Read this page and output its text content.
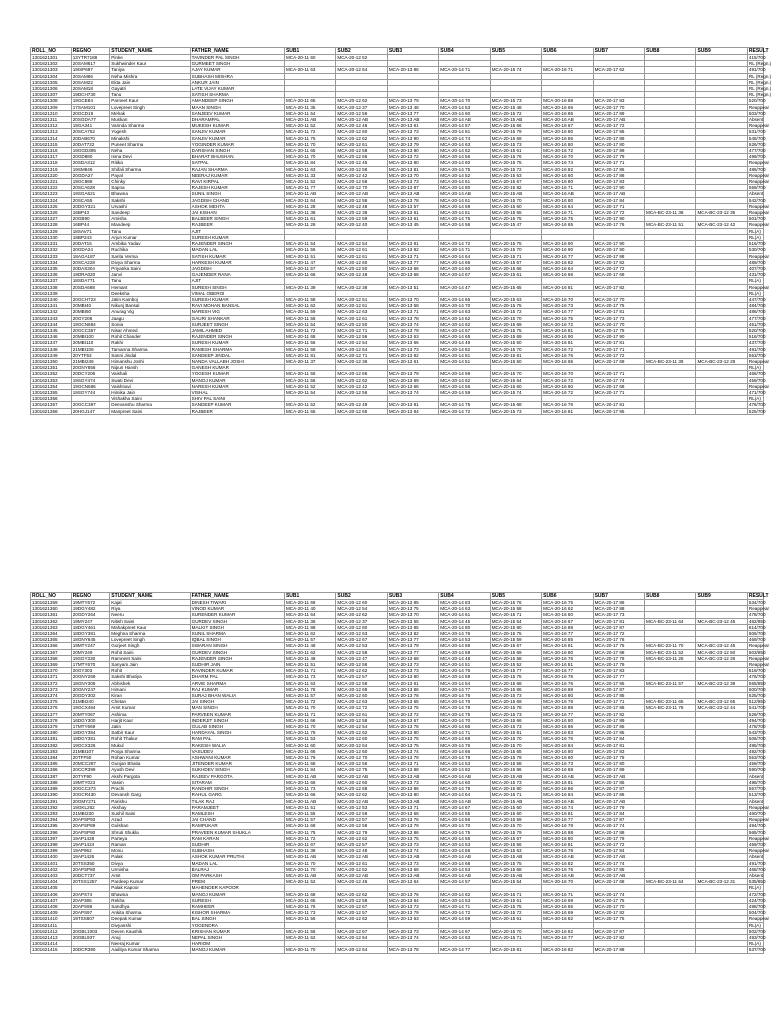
ROLL_NO	REGNO	STUDENT_NAME	FATHER_NAME	SUB1	SUB2	SUB3	SUB4	SUB5	SUB6	SUB7	SUB8	SUB9	RESULT
1301621301	13YTR7188	Pinke	TAVINDER PAL SINGH	MCA-20-11 60	MCA-20-12 52								415/700
1301621302	20SAM617	Sukhwinder Kaur	GURMEET SINGH										RL (Regn.)
1301621303	19ISP697	Taniya	AJAY KUMAR	MCA-20-11 63	MCA-20-12 64	MCA-20-13 86	MCA-20-14 71	MCA-20-15 74	MCA-20-16 71	MCA-20-17 62			491/700
1301621304	20SAM66	Neha Mishra	SUBHASH MISHRA										RL (Regn.)
1301621305	20SAM22	Ekta Jain	ANKUR JAIN										RL (Regn.)
1301621306	20SAM18	Gayatri	LATE VIJAY KUMAR										RL (Regn.)
1301621307	19DCH730	Tanu	SATISH SHARMA										RL (Regn.)
1301621308	19GCE84	Parneet Kaur	AMANDEEP SINGH	MCA-20-11 65	MCA-20-12 62	MCA-20-13 79	MCA-20-14 70	MCA-20-15 73	MCA-20-16 88	MCA-20-17 83			520/700
1301621309	17SAM101	Lovepreet Singh	MAAN SINGH	MCA-20-11 35	MCA-20-12 37	MCA-20-13 48	MCA-20-14 53	MCA-20-15 48	MCA-20-16 65	MCA-20-17 70			Reappear
1301621310	20GCD19	Mehak	SANJEEV KUMAR	MCA-20-11 54	MCA-20-12 56	MCA-20-13 77	MCA-20-14 60	MCA-20-15 72	MCA-20-16 86	MCA-20-17 89			503/700
1301621311	20SGDA77	Muskan	DHARAMPAL	MCA-20-11 AB	MCA-20-12 AB	MCA-20-13 AB	MCA-20-14 AB	MCA-20-15 AB	MCA-20-16 AB	MCA-20-17 AB			Absent
1301621312	19GA341	Varinda Sharma	MUKESH KUMAR	MCA-20-11 52	MCA-20-12 46	MCA-20-13 61	MCA-20-14 57	MCA-20-15 66	MCA-20-16 67	MCA-20-17 72			Reappear
1301621313	20SCA752	Yogesh	SANJIV KUMAR	MCA-20-11 72	MCA-20-12 60	MCA-20-13 73	MCA-20-14 81	MCA-20-15 79	MCA-20-16 80	MCA-20-17 86			531/700
1301621314	20DAB670	Minakshi	SANJIV KUMAR	MCA-20-11 75	MCA-20-12 62	MCA-20-13 90	MCA-20-14 74	MCA-20-15 69	MCA-20-16 86	MCA-20-17 89			545/700
1301621315	20DAT722	Puneet Sharma	YOGINDER KUMAR	MCA-20-11 70	MCA-20-12 61	MCA-20-13 79	MCA-20-14 63	MCA-20-15 73	MCA-20-16 80	MCA-20-17 80			526/700
1301621316	19GGD395	Neha	DARSHAN SINGH	MCA-20-11 65	MCA-20-12 58	MCA-20-13 80	MCA-20-14 62	MCA-20-15 61	MCA-20-16 72	MCA-20-17 89			477/700
1301621317	20GD880	Isma Devi	BHARAT BHUSHAN	MCA-20-11 70	MCA-20-12 66	MCA-20-13 72	MCA-20-14 56	MCA-20-15 76	MCA-20-16 70	MCA-20-17 79			499/700
1301621318	20SDA312	Ritika	SATPAL	MCA-20-11 84	MCA-20-12 45	MCA-20-13 80	MCA-20-14 60	MCA-20-15 75	MCA-20-16 74	MCA-20-17 71			Reappear
1301621319	19SM846	Shifali Sharma	RAJAN SHARMA	MCA-20-11 63	MCA-20-12 58	MCA-20-13 81	MCA-20-14 75	MCA-20-15 72	MCA-20-16 82	MCA-20-17 85			486/700
1301621320	20GDA27	Payal	NEERAJ KUMAR	MCA-20-11 33	MCA-20-12 42	MCA-20-13 70	MCA-20-14 52	MCA-20-15 63	MCA-20-16 60	MCA-20-17 86			Reappear
1301621321	19GC988	Chinky	RAVI KIRPAL	MCA-20-11 52	MCA-20-12 58	MCA-20-13 73	MCA-20-14 61	MCA-20-15 67	MCA-20-16 80	MCA-20-17 83			Reappear
1301621322	20SCA628	Sapna	RAJESH KUMAR	MCA-20-11 77	MCA-20-12 70	MCA-20-13 87	MCA-20-14 80	MCA-20-15 82	MCA-20-16 71	MCA-20-17 90			559/700
1301621323	19SGA621	Bhawna	SUNIL SINGH	MCA-20-11 AB	MCA-20-12 AB	MCA-20-13 AB	MCA-20-14 AB	MCA-20-15 AB	MCA-20-16 AB	MCA-20-17 AB			Absent
1301621324	20SCA55	Sakshi	JAGDISH CHAND	MCA-20-11 64	MCA-20-12 58	MCA-20-13 78	MCA-20-14 61	MCA-20-15 70	MCA-20-16 80	MCA-20-17 84			542/700
1301621325	20DGY321	Urvashi	ASHOK MEHTA	MCA-20-11 28	MCA-20-12 48	MCA-20-13 57	MCA-20-14 59	MCA-20-15 60	MCA-20-16 64	MCA-20-17 71			Reappear
1301621326	16BP43	Sandeep	JAI KISHAN	MCA-20-11 38	MCA-20-12 38	MCA-20-13 61	MCA-20-14 51	MCA-20-15 55	MCA-20-16 71	MCA-20-17 72	MCA-BC-23-11 38	MCA-BC-23-12 35	Reappear
1301621327	20GB90	Amisha	BALBEER SINGH	MCA-20-11 61	MCA-20-12 59	MCA-20-13 61	MCA-20-14 75	MCA-20-15 75	MCA-20-16 75	MCA-20-17 90			501/700
1301621328	16BP44	Mandeep	RAJBEER	MCA-20-11 26	MCA-20-12 40	MCA-20-13 45	MCA-20-14 56	MCA-20-15 47	MCA-20-16 65	MCA-20-17 76	MCA-BC-23-11 51	MCA-BC-23-12 42	Reappear
1301621329	18SAV71	Tanu	AJIT										RL(A)
1301621330	18BP243	Arjun Kumar	SURESH KUMAR										RL(A)
1301621331	20DAT15	Ambika Yadav	RAJENDER SINGH	MCA-20-11 54	MCA-20-12 54	MCA-20-13 81	MCA-20-14 72	MCA-20-15 75	MCA-20-16 90	MCA-20-17 90			516/700
1301621332	20GDA24	Ruchika	MADAN LAL	MCA-20-11 56	MCA-20-12 61	MCA-20-13 82	MCA-20-14 71	MCA-20-15 70	MCA-20-16 90	MCA-20-17 90			530/700
1301621333	18AGA187	Sarita Verma	SATISH KUMAR	MCA-20-11 51	MCA-20-12 61	MCA-20-13 71	MCA-20-14 64	MCA-20-15 71	MCA-20-16 77	MCA-20-17 88			Reappear
1301621334	20SCA228	Divya Sharma	HARKESH KUMAR	MCA-20-11 47	MCA-20-12 60	MCA-20-13 77	MCA-20-14 66	MCA-20-15 67	MCA-20-16 82	MCA-20-17 82			489/700
1301621335	20DAS304	Priyanka Saini	JAGDISH	MCA-20-11 57	MCA-20-12 50	MCA-20-13 66	MCA-20-14 60	MCA-20-15 66	MCA-20-16 64	MCA-20-17 72			407/700
1301621336	19DRA020	Janvi	GAJENDER RANA	MCA-20-11 66	MCA-20-12 48	MCA-20-13 66	MCA-20-14 67	MCA-20-15 61	MCA-20-16 66	MCA-20-17 69			431/700
1301621337	18SDA771	Tanu	AJIT										RL(A)
1301621338	20SDA688	Hemant	SURESH SINGH	MCA-20-11 39	MCA-20-12 38	MCA-20-13 51	MCA-20-14 47	MCA-20-15 65	MCA-20-16 81	MCA-20-17 82			Reappear
1301621339		Deeksha	VIMAL OBEROI										RL(A)
1301621340	20GCH723	Jatin Kamboj	SURESH KUMAR	MCA-20-11 58	MCA-20-12 51	MCA-20-13 70	MCA-20-14 65	MCA-20-15 63	MCA-20-16 70	MCA-20-17 70			447/700
1301621341	20MBI40	Nikunj Bansal	RAVI MOHAN BANSAL	MCA-20-11 62	MCA-20-12 61	MCA-20-13 68	MCA-20-14 70	MCA-20-15 75	MCA-20-16 73	MCA-20-17 75			484/700
1301621342	20MBI50	Anurag Vig	NARESH VIG	MCA-20-11 59	MCA-20-12 63	MCA-20-13 71	MCA-20-14 63	MCA-20-15 72	MCA-20-16 77	MCA-20-17 81			486/700
1301621343	20GY208	Jaagu	GAURI SHANKAR	MCA-20-11 58	MCA-20-12 61	MCA-20-13 78	MCA-20-14 62	MCA-20-15 70	MCA-20-16 75	MCA-20-17 73			477/700
1301621344	19GCN684	Sonia	SURJEET SINGH	MCA-20-11 54	MCA-20-12 50	MCA-20-13 74	MCA-20-14 62	MCA-20-15 69	MCA-20-16 72	MCA-20-17 70			451/700
1301621345	20GCC367	Nisar Ahmed	JAMIL AHMED	MCA-20-11 72	MCA-20-12 71	MCA-20-13 79	MCA-20-14 67	MCA-20-15 75	MCA-20-16 81	MCA-20-17 75			520/700
1301621346	20MBI100	Rohit Chander	RAJENDER SINGH	MCA-20-11 68	MCA-20-12 56	MCA-20-13 63	MCA-20-14 65	MCA-20-15 69	MCA-20-16 90	MCA-20-17 90			516/700
1301621347	20MBI110	Rakhi	SURESH KUMAR	MCA-20-11 56	MCA-20-12 54	MCA-20-13 66	MCA-20-14 49	MCA-20-15 50	MCA-20-16 81	MCA-20-17 81			437/700
1301621348	21MBI108	Tamanna Sharma	RAMESH SHARMA	MCA-20-11 59	MCA-20-12 64	MCA-20-13 73	MCA-20-14 82	MCA-20-15 70	MCA-20-16 72	MCA-20-17 71			491/700
1301621349	20YTF53	Sanni Jindal	SANDEEP JINDAL	MCA-20-11 81	MCA-20-12 71	MCA-20-13 82	MCA-20-14 81	MCA-20-15 81	MCA-20-16 76	MCA-20-17 72			553/700
1301621350	21MBI246	Himanshu Joshi	NANDA VALLABH JOSHI	MCA-20-11 37	MCA-20-12 36	MCA-20-13 61	MCA-20-14 51	MCA-20-15 50	MCA-20-16 65	MCA-20-17 69	MCA-BC-23-11 39	MCA-BC-23-12 28	Reappear
1301621351	20GNY856	Nipun Hansh	GANESH KUMAR										RL(A)
1301621352	20DCY206	Vaishali	YOGESH KUMAR	MCA-20-11 56	MCA-20-12 66	MCA-20-13 79	MCA-20-14 59	MCA-20-15 70	MCA-20-16 70	MCA-20-17 71			466/700
1301621353	19SGY474	Swati Devi	MANOJ KUMAR	MCA-20-11 56	MCA-20-12 62	MCA-20-13 69	MCA-20-14 62	MCA-20-15 64	MCA-20-16 72	MCA-20-17 74			459/700
1301621354	19GCN686	Vaishnavi	NARESH KUMAR	MCA-20-11 52	MCA-20-12 42	MCA-20-13 66	MCA-20-14 56	MCA-20-15 60	MCA-20-16 60	MCA-20-17 68			Reappear
1301621355	19SGY744	Himika Jain	VISHAL	MCA-20-11 54	MCA-20-12 56	MCA-20-13 74	MCA-20-14 59	MCA-20-15 74	MCA-20-16 72	MCA-20-17 71			471/700
1301621356		Vishakha Saini	SHIV PAL SAINI										RL(A)
1301621357	20GCC397	Deevanshu Sharma	SANDEEP KUMAR	MCA-20-11 52	MCA-20-12 49	MCA-20-13 81	MCA-20-14 75	MCA-20-15 68	MCA-20-16 76	MCA-20-17 81			476/700
1301621358	20HGJ147	Manpreet Saini	RAJBEER	MCA-20-11 65	MCA-20-12 65	MCA-20-13 84	MCA-20-14 72	MCA-20-15 73	MCA-20-16 81	MCA-20-17 85			525/700
ROLL_NO	REGNO	STUDENT_NAME	FATHER_NAME	SUB1	SUB2	SUB3	SUB4	SUB5	SUB6	SUB7	SUB8	SUB9	RESULT
1301621359	19MTY672	Kajal	DINESH TIWARI	MCA-20-11 69	MCA-20-12 60	MCA-20-13 85	MCA-20-14 83	MCA-20-15 76	MCA-20-16 75	MCA-20-17 86			534/700
1301621360	19DGY482	Riya	VINOD KUMAR	MCA-20-11 40	MCA-20-12 54	MCA-20-13 75	MCA-20-14 63	MCA-20-15 58	MCA-20-16 62	MCA-20-17 88			Reappear
1301621361	20GDY264	Neeru	SURENDER KUMAR	MCA-20-11 64	MCA-20-12 62	MCA-20-13 70	MCA-20-14 61	MCA-20-15 71	MCA-20-16 80	MCA-20-17 73			478/700
1301621362	19MY247	Nitish Saini	GURDEV SINGH	MCA-20-11 36	MCA-20-12 37	MCA-20-13 55	MCA-20-14 45	MCA-20-15 54	MCA-20-16 67	MCA-20-17 81	MCA-BC-23-11 64	MCA-BC-23-12 45	462/850
1301621363	18DGY461	Mahakpreet Kaur	MALKIT SINGH	MCA-20-11 88	MCA-20-12 80	MCA-20-13 85	MCA-20-14 80	MCA-20-15 80	MCA-20-16 88	MCA-20-17 87			614/700
1301621364	18DGY381	Meghna Sharma	SUNIL SHARMA	MCA-20-11 62	MCA-20-12 63	MCA-20-13 82	MCA-20-14 76	MCA-20-15 75	MCA-20-16 77	MCA-20-17 72			506/700
1301621365	18GNY645	Lovepreet Singh	IQBAL SINGH	MCA-20-11 57	MCA-20-12 67	MCA-20-13 77	MCA-20-14 53	MCA-20-15 59	MCA-20-16 85	MCA-20-17 76			469/700
1301621366	19MTY247	Gurjeet Singh	SWARAN SINGH	MCA-20-11 48	MCA-20-12 53	MCA-20-13 79	MCA-20-14 66	MCA-20-15 67	MCA-20-16 81	MCA-20-17 75	MCA-BC-23-11 70	MCA-BC-23-12 45	Reappear
1301621367	20MY249	Rohit Saini	GURDEV SINGH	MCA-20-11 62	MCA-20-12 58	MCA-20-13 77	MCA-20-14 59	MCA-20-15 69	MCA-20-16 80	MCA-20-17 88	MCA-BC-23-11 52	MCA-BC-23-12 50	603/850
1301621368	19SGY330	Ramneet Saini	RAJENDER SINGH	MCA-20-11 48	MCA-20-12 47	MCA-20-13 68	MCA-20-14 48	MCA-20-15 58	MCA-20-16 76	MCA-20-17 78	MCA-BC-23-11 26	MCA-BC-23-12 26	Reappear
1301621369	17MTY670	Sanyam Jain	SUDHIR JAIN	MCA-20-11 51	MCA-20-12 58	MCA-20-13 73	MCA-20-14 51	MCA-20-15 52	MCA-20-16 81	MCA-20-17 79			Reappear
1301621370	20GY303	Rohit	RAVINDER KUMAR	MCA-20-11 71	MCA-20-12 62	MCA-20-13 73	MCA-20-14 76	MCA-20-15 77	MCA-20-16 77	MCA-20-17 83			519/700
1301621371	20GNY269	Sakshi Bhatiya	DHARM PAL	MCA-20-11 73	MCA-20-12 57	MCA-20-13 80	MCA-20-14 59	MCA-20-15 75	MCA-20-16 75	MCA-20-17 77			476/700
1301621372	18GNY305	Abhishek	ARVIE SHARMA	MCA-20-11 63	MCA-20-12 59	MCA-20-13 61	MCA-20-14 54	MCA-20-15 68	MCA-20-16 76	MCA-20-17 85	MCA-BC-23-11 57	MCA-BC-23-12 39	555/850
1301621373	20GNY247	Himani	RAJ KUMAR	MCA-20-11 78	MCA-20-12 68	MCA-20-13 86	MCA-20-14 77	MCA-20-15 86	MCA-20-16 88	MCA-20-17 87			600/700
1301621374	20GDY302	Kiran	SURAJ BHAN WALIA	MCA-20-11 57	MCA-20-12 60	MCA-20-13 78	MCA-20-14 76	MCA-20-15 73	MCA-20-16 80	MCA-20-17 85			525/700
1301621375	21MBI240	Chetan	JAI SINGH	MCA-20-11 72	MCA-20-12 63	MCA-20-13 65	MCA-20-14 76	MCA-20-15 69	MCA-20-16 76	MCA-20-17 71	MCA-BC-23-11 65	MCA-BC-23-12 65	612/850
1301621376	19GCX484	Amit Kumar	MAN SINGH	MCA-20-11 70	MCA-20-12 72	MCA-20-13 75	MCA-20-14 78	MCA-20-15 78	MCA-20-16 88	MCA-20-17 88	MCA-BC-23-11 78	MCA-BC-23-12 44	541/700
1301621377	20MTY067	Ashima	PARVEEN KUMAR	MCA-20-11 71	MCA-20-12 61	MCA-20-13 72	MCA-20-14 75	MCA-20-15 73	MCA-20-16 77	MCA-20-17 82			529/700
1301621378	16DGY300	Harjit Kaur	INDERJIT SINGH	MCA-20-11 66	MCA-20-12 58	MCA-20-13 67	MCA-20-14 70	MCA-20-15 66	MCA-20-16 80	MCA-20-17 89			494/700
1301621379	17MTY669	Jatin	GULAB SINGH	MCA-20-11 70	MCA-20-12 54	MCA-20-13 76	MCA-20-14 66	MCA-20-15 73	MCA-20-16 86	MCA-20-17 85			478/700
1301621380	18DGY384	Satbir Kaur	HARDAYAL SINGH	MCA-20-11 76	MCA-20-12 62	MCA-20-13 80	MCA-20-14 71	MCA-20-15 81	MCA-20-16 83	MCA-20-17 85			543/700
1301621381	18DGY381	Rohit Thakur	RAM PAL	MCA-20-11 53	MCA-20-12 60	MCA-20-13 75	MCA-20-14 69	MCA-20-15 70	MCA-20-16 76	MCA-20-17 84			506/700
1301621382	19GCX326	Mukul	RAKESH WALIA	MCA-20-11 60	MCA-20-12 64	MCA-20-13 75	MCA-20-14 76	MCA-20-15 70	MCA-20-16 84	MCA-20-17 81			495/700
1301621383	21MBI107	Pooja Sharma	VASUDEV	MCA-20-11 66	MCA-20-12 60	MCA-20-13 74	MCA-20-14 66	MCA-20-15 65	MCA-20-16 80	MCA-20-17 83			492/700
1301621384	20TFF50	Rohan Kumar	ASHWANI KUMAR	MCA-20-11 79	MCA-20-12 70	MCA-20-13 79	MCA-20-14 78	MCA-20-15 79	MCA-20-16 80	MCA-20-17 78			553/700
1301621385	20MCC287	Gunjan Bhatia	JITENDER KUMAR	MCA-20-11 68	MCA-20-12 56	MCA-20-13 71	MCA-20-14 53	MCA-20-15 58	MCA-20-16 73	MCA-20-17 80			459/700
1301621386	20CCR399	Ayush Devi	SUKHDEV SINGH	MCA-20-11 84	MCA-20-12 75	MCA-20-13 88	MCA-20-14 82	MCA-20-15 86	MCA-20-16 88	MCA-20-17 89			590/700
1301621387	20TYF90	Akshi Pargota	RAJEEV PARGOTA	MCA-20-11 AB	MCA-20-12 AB	MCA-20-13 AB	MCA-20-14 AB	MCA-20-15 AB	MCA-20-16 AB	MCA-20-17 AB			Absent
1301621388	19MTY023	Vasim	SITARAM	MCA-20-11 66	MCA-20-12 60	MCA-20-13 73	MCA-20-14 60	MCA-20-15 73	MCA-20-16 81	MCA-20-17 85			498/700
1301621389	20GCC373	Prachi	RANDHIR SINGH	MCA-20-11 73	MCA-20-12 68	MCA-20-13 86	MCA-20-14 78	MCA-20-15 80	MCA-20-16 86	MCA-20-17 87			557/700
1301621390	20GCR430	Devansh Garg	RAHUL GARG	MCA-20-11 66	MCA-20-12 62	MCA-20-13 80	MCA-20-14 64	MCA-20-15 71	MCA-20-16 84	MCA-20-17 86			513/700
1301621391	20GMY271	Parishu	TILAK RAJ	MCA-20-11 AB	MCA-20-12 AB	MCA-20-13 AB	MCA-20-14 AB	MCA-20-15 AB	MCA-20-16 AB	MCA-20-17 AB			Absent
1301621392	19GKL262	Akshay	PARAMJEET	MCA-20-11 51	MCA-20-12 53	MCA-20-13 71	MCA-20-14 67	MCA-20-15 60	MCA-20-16 74	MCA-20-17 79			Reappear
1301621393	21MBI230	Sushil Saini	RAMLESH	MCA-20-11 55	MCA-20-12 59	MCA-20-13 66	MCA-20-14 55	MCA-20-15 60	MCA-20-16 81	MCA-20-17 84			460/700
1301621394	20APSP93	Azad	JAI CHAND	MCA-20-11 57	MCA-20-12 57	MCA-20-13 76	MCA-20-14 56	MCA-20-15 59	MCA-20-16 77	MCA-20-17 87			Reappear
1301621395	20APSP89	Gulshan	RAMPUKAR	MCA-20-11 68	MCA-20-12 58	MCA-20-13 79	MCA-20-14 70	MCA-20-15 70	MCA-20-16 78	MCA-20-17 74			494/700
1301621396	20APSP90	Shruti Shukla	PRAVEEN KUMAR SHUKLA	MCA-20-11 75	MCA-20-12 79	MCA-20-13 86	MCA-20-14 75	MCA-20-15 79	MCA-20-16 88	MCA-20-17 88			565/700
1301621397	19AP1428	Parteya	RAM KARAN	MCA-20-11 72	MCA-20-12 62	MCA-20-13 75	MCA-20-14 56	MCA-20-15 67	MCA-20-16 80	MCA-20-17 79			Reappear
1301621398	19AP1424	Raman	SUDHIR	MCA-20-11 67	MCA-20-12 57	MCA-20-13 73	MCA-20-14 53	MCA-20-15 56	MCA-20-16 81	MCA-20-17 72			459/700
1301621399	19AP962	Monu	SUBHASH	MCA-20-11 38	MCA-20-12 48	MCA-20-13 74	MCA-20-14 56	MCA-20-15 63	MCA-20-16 78	MCA-20-17 84			Reappear
1301621400	19AP1426	Palak	ASHOK KUMAR PRUTHI	MCA-20-11 AB	MCA-20-12 AB	MCA-20-13 AB	MCA-20-14 AB	MCA-20-15 AB	MCA-20-16 AB	MCA-20-17 AB			Absent
1301621401	20TSS350	Divya	MADAN LAL	MCA-20-11 70	MCA-20-12 61	MCA-20-13 73	MCA-20-14 68	MCA-20-15 75	MCA-20-16 82	MCA-20-17 74			491/700
1301621402	20APSP80	Urmisha	BALRAJ	MCA-20-11 70	MCA-20-12 52	MCA-20-13 68	MCA-20-14 53	MCA-20-15 68	MCA-20-16 76	MCA-20-17 85			468/700
1301621403	20DCT737	Amit	OM PARKASH	MCA-20-11 AB	MCA-20-12 AB	MCA-20-13 AB	MCA-20-14 AB	MCA-20-15 AB	MCA-20-16 AB	MCA-20-17 AB			Absent
1301621404	20TSS1257	Pardeep Kumar	PREM	MCA-20-11 52	MCA-20-12 45	MCA-20-13 64	MCA-20-14 57	MCA-20-15 54	MCA-20-16 70	MCA-20-17 68	MCA-BC-23-11 64	MCA-BC-23-12 31	535/850
1301621405		Palak Kapoor	MAHENDER KAPOOR										RL(A)
1301621406	20APS74	Bhawna	MANOJ KUMAR	MCA-20-11 68	MCA-20-12 62	MCA-20-13 76	MCA-20-14 62	MCA-20-15 71	MCA-20-16 71	MCA-20-17 74			472/700
1301621407	20AP385	Rekha	SURESH	MCA-20-11 65	MCA-20-12 58	MCA-20-13 64	MCA-20-14 53	MCA-20-15 61	MCA-20-16 69	MCA-20-17 75			424/700
1301621408	20APS98	Sandhya	RAMHEER	MCA-20-11 76	MCA-20-12 67	MCA-20-13 73	MCA-20-14 71	MCA-20-15 75	MCA-20-16 65	MCA-20-17 70			498/700
1301621409	20APS97	Ankita Sharma	KISHOR SHARMA	MCA-20-11 73	MCA-20-12 57	MCA-20-13 79	MCA-20-14 72	MCA-20-15 72	MCA-20-16 69	MCA-20-17 82			504/700
1301621410	19TSS607	Deepak Kumar	BAL SINGH	MCA-20-11 56	MCA-20-12 62	MCA-20-13 63	MCA-20-14 59	MCA-20-15 61	MCA-20-16 82	MCA-20-17 75			Reappear
1301621411		Divyanshi	YOGENDRA										RL(A)
1301621412	20GBL1003	Deven Kaushik	KRISHAN KUMAR	MCA-20-11 56	MCA-20-12 67	MCA-20-13 73	MCA-20-14 67	MCA-20-15 70	MCA-20-16 82	MCA-20-17 87			502/700
1301621413	20GBL937	Anuj	NEPAL SINGH	MCA-20-11 62	MCA-20-12 64	MCA-20-13 74	MCA-20-14 63	MCA-20-15 71	MCA-20-16 77	MCA-20-17 82			493/700
1301621414		Neeraj Kumar	HARIOM										RL(A)
1301621415	20DCR390	Aaditya Kumar Sharma	MANOJ KUMAR	MCA-20-11 70	MCA-20-12 64	MCA-20-13 78	MCA-20-14 77	MCA-20-15 81	MCA-20-16 82	MCA-20-17 88			537/700
